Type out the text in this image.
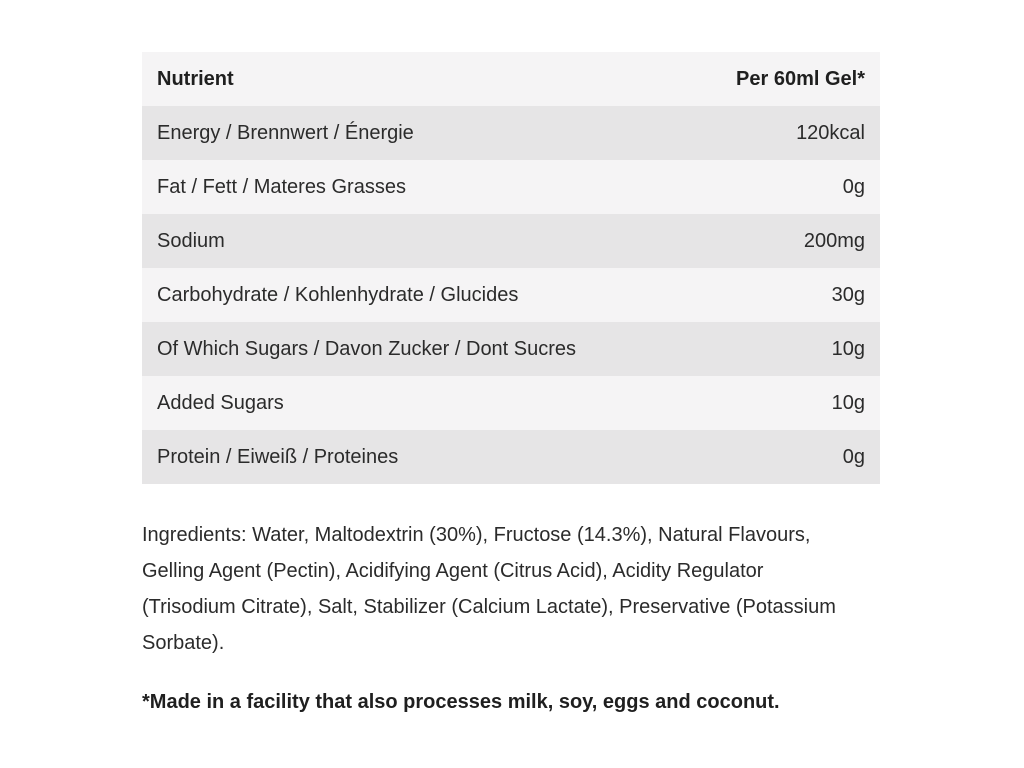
Nutrient	Per 60ml Gel*
Energy / Brennwert / Énergie	120kcal
Fat / Fett / Materes Grasses	0g
Sodium	200mg
Carbohydrate / Kohlenhydrate / Glucides	30g
Of Which Sugars / Davon Zucker / Dont Sucres	10g
Added Sugars	10g
Protein / Eiweiß / Proteines	0g

Ingredients: Water, Maltodextrin (30%), Fructose (14.3%), Natural Flavours, Gelling Agent (Pectin), Acidifying Agent (Citrus Acid), Acidity Regulator (Trisodium Citrate), Salt, Stabilizer (Calcium Lactate), Preservative (Potassium Sorbate).

*Made in a facility that also processes milk, soy, eggs and coconut.
